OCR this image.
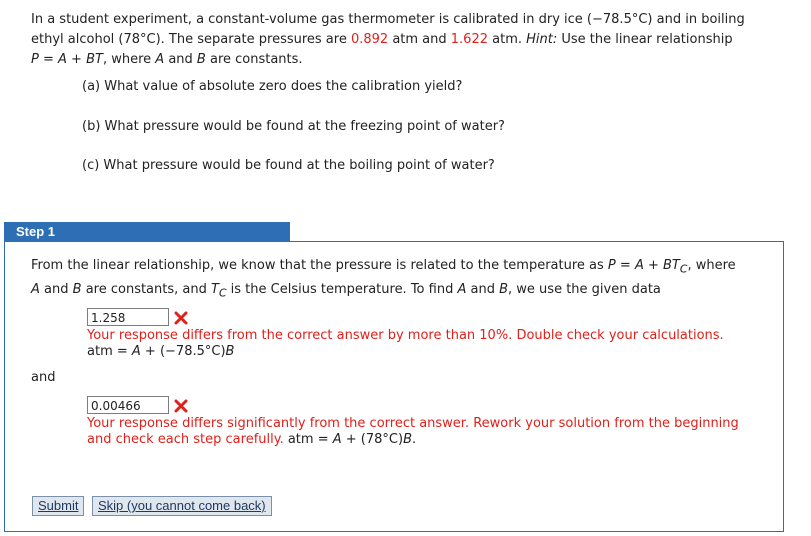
In a student experiment, a constant-volume gas thermometer is calibrated in dry ice (−78.5°C) and in boiling

ethyl alcohol (78°C). The separate pressures are 0.892 atm and 1.622 atm. Hint: Use the linear relationship

P = A + BT, where A and B are constants.

(a) What value of absolute zero does the calibration yield?

(b) What pressure would be found at the freezing point of water?

(c) What pressure would be found at the boiling point of water?

Step 1

From the linear relationship, we know that the pressure is related to the temperature as $P = A + BT_C$, where
A and B are constants, and $T_C$ is the Celsius temperature. To find A and B, we use the given data

1.258

Your response differs from the correct answer by more than 10%. Double check your calculations.
atm = A + (−78.5°C)B

and

0.00466

Your response differs significantly from the correct answer. Rework your solution from the beginning
and check each step carefully. atm = A + (78°C)B.

Submit	Skip (you cannot come back)
